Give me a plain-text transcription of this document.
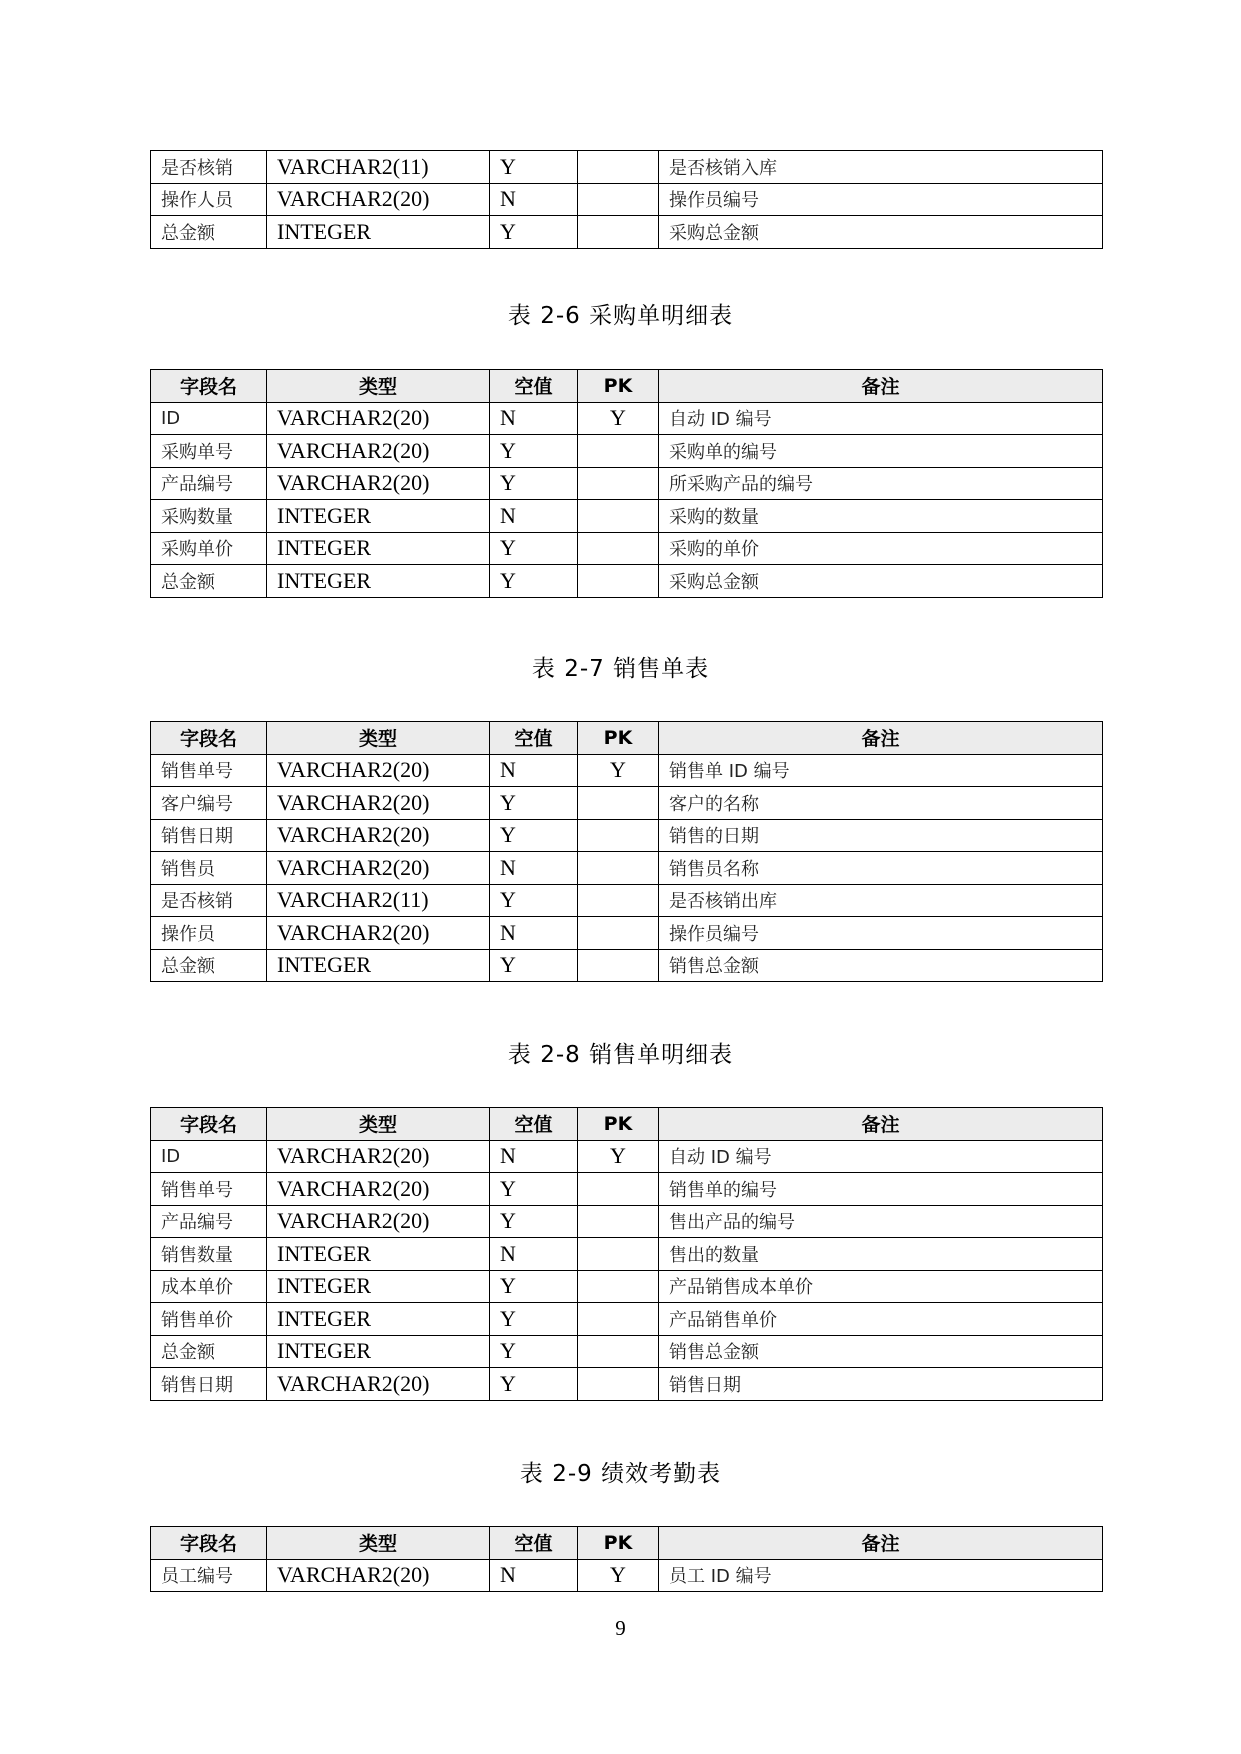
是否核销	VARCHAR2(11)	Y		是否核销入库
操作人员	VARCHAR2(20)	N		操作员编号
总金额	INTEGER	Y		采购总金额
表 2-6 采购单明细表
字段名	类型	空值	PK	备注
ID	VARCHAR2(20)	N	Y	自动 ID 编号
采购单号	VARCHAR2(20)	Y		采购单的编号
产品编号	VARCHAR2(20)	Y		所采购产品的编号
采购数量	INTEGER	N		采购的数量
采购单价	INTEGER	Y		采购的单价
总金额	INTEGER	Y		采购总金额
表 2-7 销售单表
字段名	类型	空值	PK	备注
销售单号	VARCHAR2(20)	N	Y	销售单 ID 编号
客户编号	VARCHAR2(20)	Y		客户的名称
销售日期	VARCHAR2(20)	Y		销售的日期
销售员	VARCHAR2(20)	N		销售员名称
是否核销	VARCHAR2(11)	Y		是否核销出库
操作员	VARCHAR2(20)	N		操作员编号
总金额	INTEGER	Y		销售总金额
表 2-8 销售单明细表
字段名	类型	空值	PK	备注
ID	VARCHAR2(20)	N	Y	自动 ID 编号
销售单号	VARCHAR2(20)	Y		销售单的编号
产品编号	VARCHAR2(20)	Y		售出产品的编号
销售数量	INTEGER	N		售出的数量
成本单价	INTEGER	Y		产品销售成本单价
销售单价	INTEGER	Y		产品销售单价
总金额	INTEGER	Y		销售总金额
销售日期	VARCHAR2(20)	Y		销售日期
表 2-9 绩效考勤表
字段名	类型	空值	PK	备注
员工编号	VARCHAR2(20)	N	Y	员工 ID 编号
9
